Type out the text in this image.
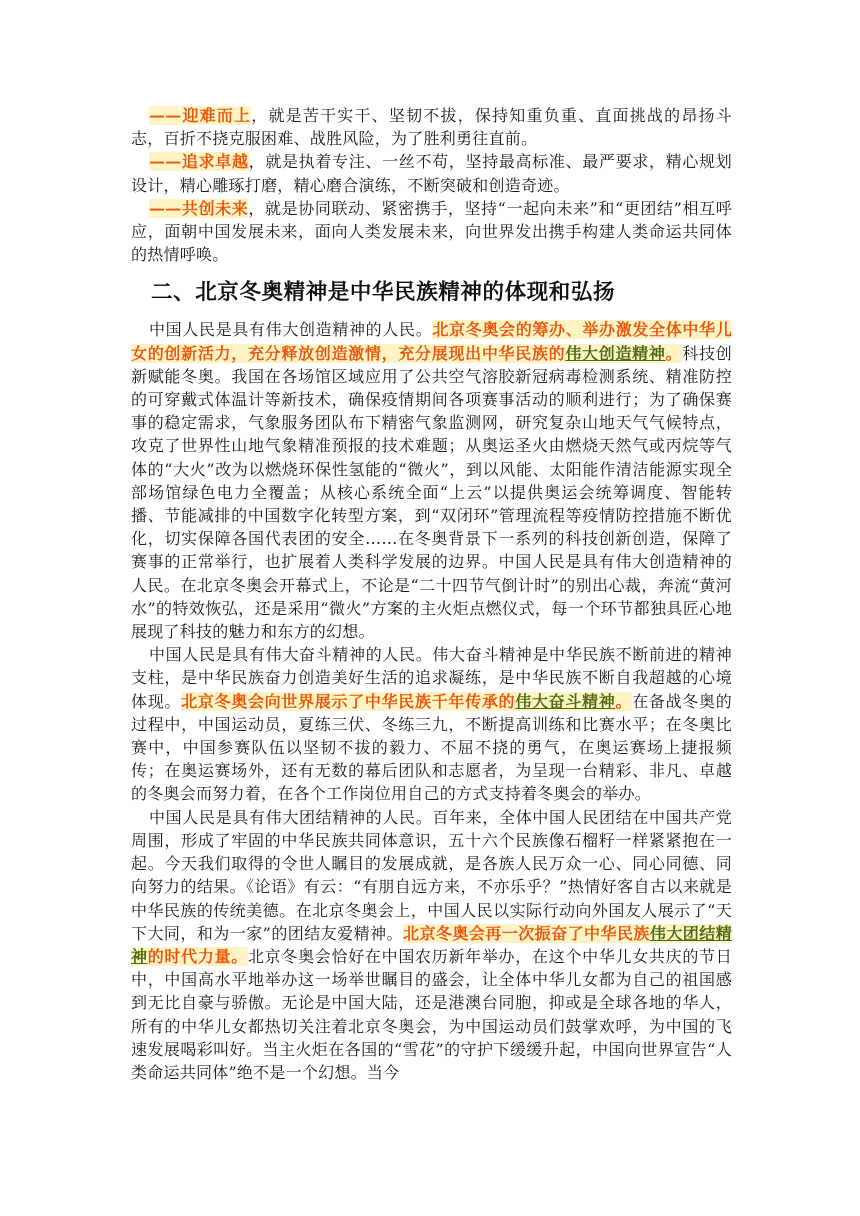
——迎难而上，就是苦干实干、坚韧不拔，保持知重负重、直面挑战的昂扬斗志，百折不挠克服困难、战胜风险，为了胜利勇往直前。

——追求卓越，就是执着专注、一丝不苟，坚持最高标准、最严要求，精心规划设计，精心雕琢打磨，精心磨合演练，不断突破和创造奇迹。

——共创未来，就是协同联动、紧密携手，坚持“一起向未来”和“更团结”相互呼应，面朝中国发展未来，面向人类发展未来，向世界发出携手构建人类命运共同体的热情呼唤。

二、北京冬奥精神是中华民族精神的体现和弘扬

中国人民是具有伟大创造精神的人民。北京冬奥会的筹办、举办激发全体中华儿女的创新活力，充分释放创造激情，充分展现出中华民族的伟大创造精神。科技创新赋能冬奥。我国在各场馆区域应用了公共空气溶胶新冠病毒检测系统、精准防控的可穿戴式体温计等新技术，确保疫情期间各项赛事活动的顺利进行；为了确保赛事的稳定需求，气象服务团队布下精密气象监测网，研究复杂山地天气气候特点，攻克了世界性山地气象精准预报的技术难题；从奥运圣火由燃烧天然气或丙烷等气体的“大火”改为以燃烧环保性氢能的“微火”，到以风能、太阳能作清洁能源实现全部场馆绿色电力全覆盖；从核心系统全面“上云”以提供奥运会统筹调度、智能转播、节能减排的中国数字化转型方案，到“双闭环”管理流程等疫情防控措施不断优化，切实保障各国代表团的安全……在冬奥背景下一系列的科技创新创造，保障了赛事的正常举行，也扩展着人类科学发展的边界。中国人民是具有伟大创造精神的人民。在北京冬奥会开幕式上，不论是“二十四节气倒计时”的别出心裁，奔流“黄河水”的特效恢弘，还是采用“微火”方案的主火炬点燃仪式，每一个环节都独具匠心地展现了科技的魅力和东方的幻想。

中国人民是具有伟大奋斗精神的人民。伟大奋斗精神是中华民族不断前进的精神支柱，是中华民族奋力创造美好生活的追求凝练，是中华民族不断自我超越的心境体现。北京冬奥会向世界展示了中华民族千年传承的伟大奋斗精神。在备战冬奥的过程中，中国运动员，夏练三伏、冬练三九，不断提高训练和比赛水平；在冬奥比赛中，中国参赛队伍以坚韧不拔的毅力、不屈不挠的勇气，在奥运赛场上捷报频传；在奥运赛场外，还有无数的幕后团队和志愿者，为呈现一台精彩、非凡、卓越的冬奥会而努力着，在各个工作岗位用自己的方式支持着冬奥会的举办。

中国人民是具有伟大团结精神的人民。百年来，全体中国人民团结在中国共产党周围，形成了牢固的中华民族共同体意识，五十六个民族像石榴籽一样紧紧抱在一起。今天我们取得的令世人瞩目的发展成就，是各族人民万众一心、同心同德、同向努力的结果。《论语》有云：“有朋自远方来，不亦乐乎？”热情好客自古以来就是中华民族的传统美德。在北京冬奥会上，中国人民以实际行动向外国友人展示了“天下大同，和为一家”的团结友爱精神。北京冬奥会再一次振奋了中华民族伟大团结精神的时代力量。北京冬奥会恰好在中国农历新年举办，在这个中华儿女共庆的节日中，中国高水平地举办这一场举世瞩目的盛会，让全体中华儿女都为自己的祖国感到无比自豪与骄傲。无论是中国大陆，还是港澳台同胞，抑或是全球各地的华人，所有的中华儿女都热切关注着北京冬奥会，为中国运动员们鼓掌欢呼，为中国的飞速发展喝彩叫好。当主火炬在各国的“雪花”的守护下缓缓升起，中国向世界宣告“人类命运共同体”绝不是一个幻想。当今
